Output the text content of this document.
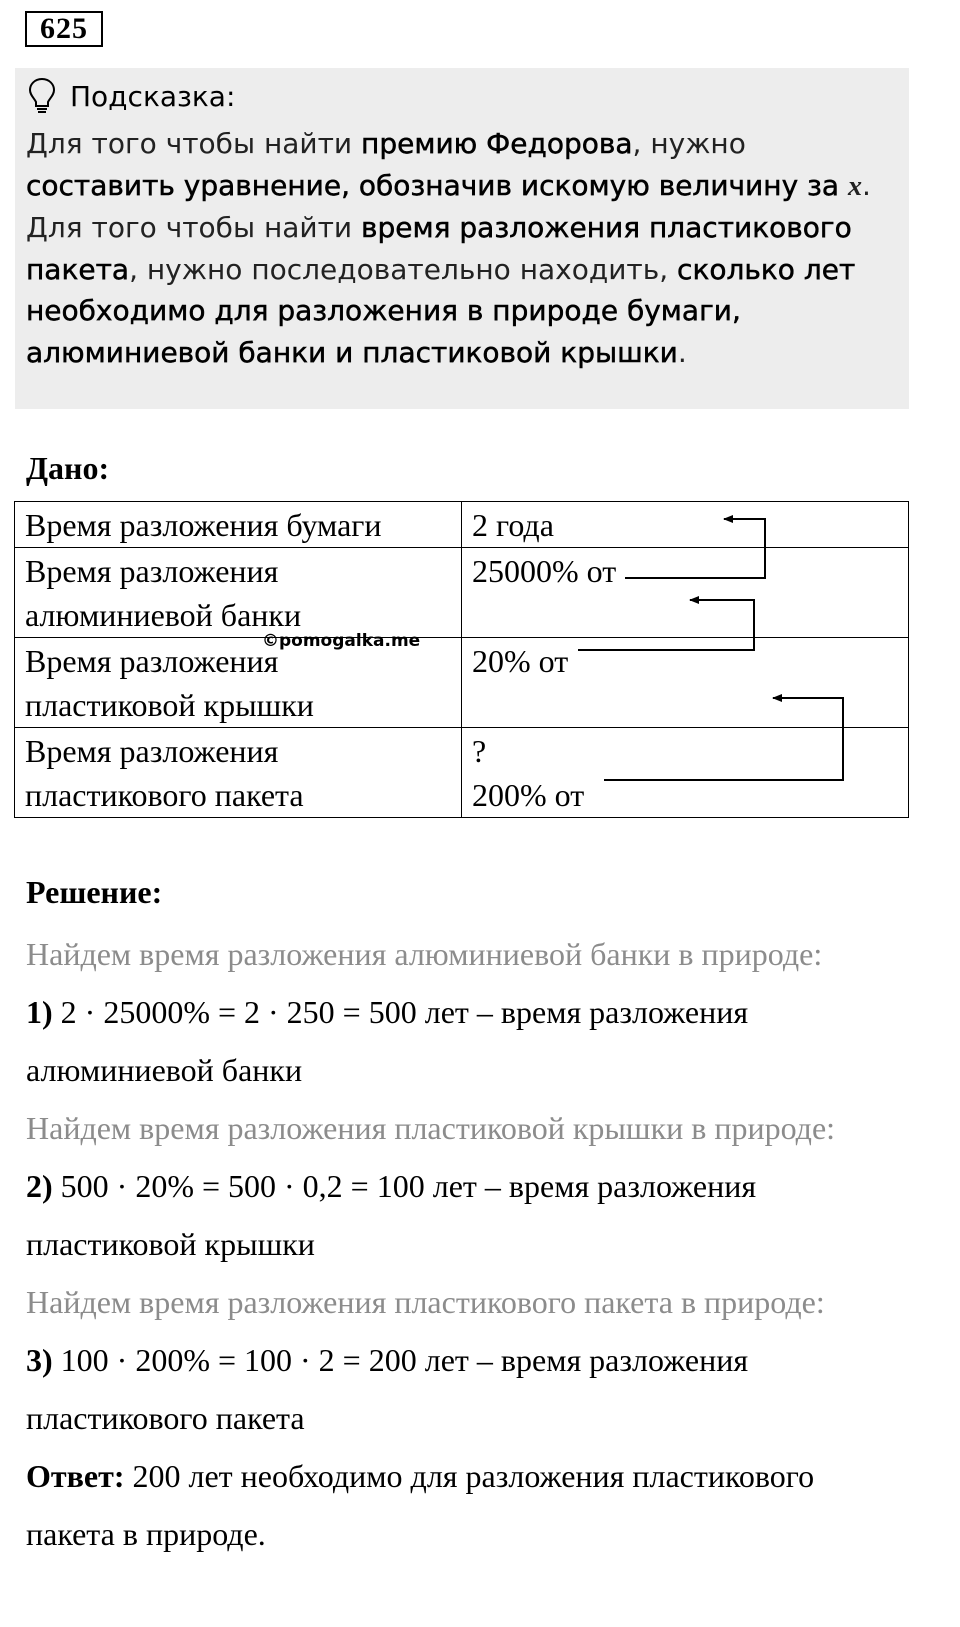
625
Подсказка:
Для того чтобы найти премию Федорова, нужно составить уравнение, обозначив искомую величину за x.
Для того чтобы найти время разложения пластикового пакета, нужно последовательно находить, сколько лет необходимо для разложения в природе бумаги, алюминиевой банки и пластиковой крышки.
Дано:
Время разложения бумаги	2 года
Время разложения алюминиевой банки	25000% от
Время разложения пластиковой крышки	20% от
Время разложения пластикового пакета	?
200% от
©pomogalka.me
Решение:
Найдем время разложения алюминиевой банки в природе:
1) 2 · 25000% = 2 · 250 = 500 лет – время разложения
алюминиевой банки
Найдем время разложения пластиковой крышки в природе:
2) 500 · 20% = 500 · 0,2 = 100 лет – время разложения
пластиковой крышки
Найдем время разложения пластикового пакета в природе:
3) 100 · 200% = 100 · 2 = 200 лет – время разложения
пластикового пакета
Ответ: 200 лет необходимо для разложения пластикового
пакета в природе.
